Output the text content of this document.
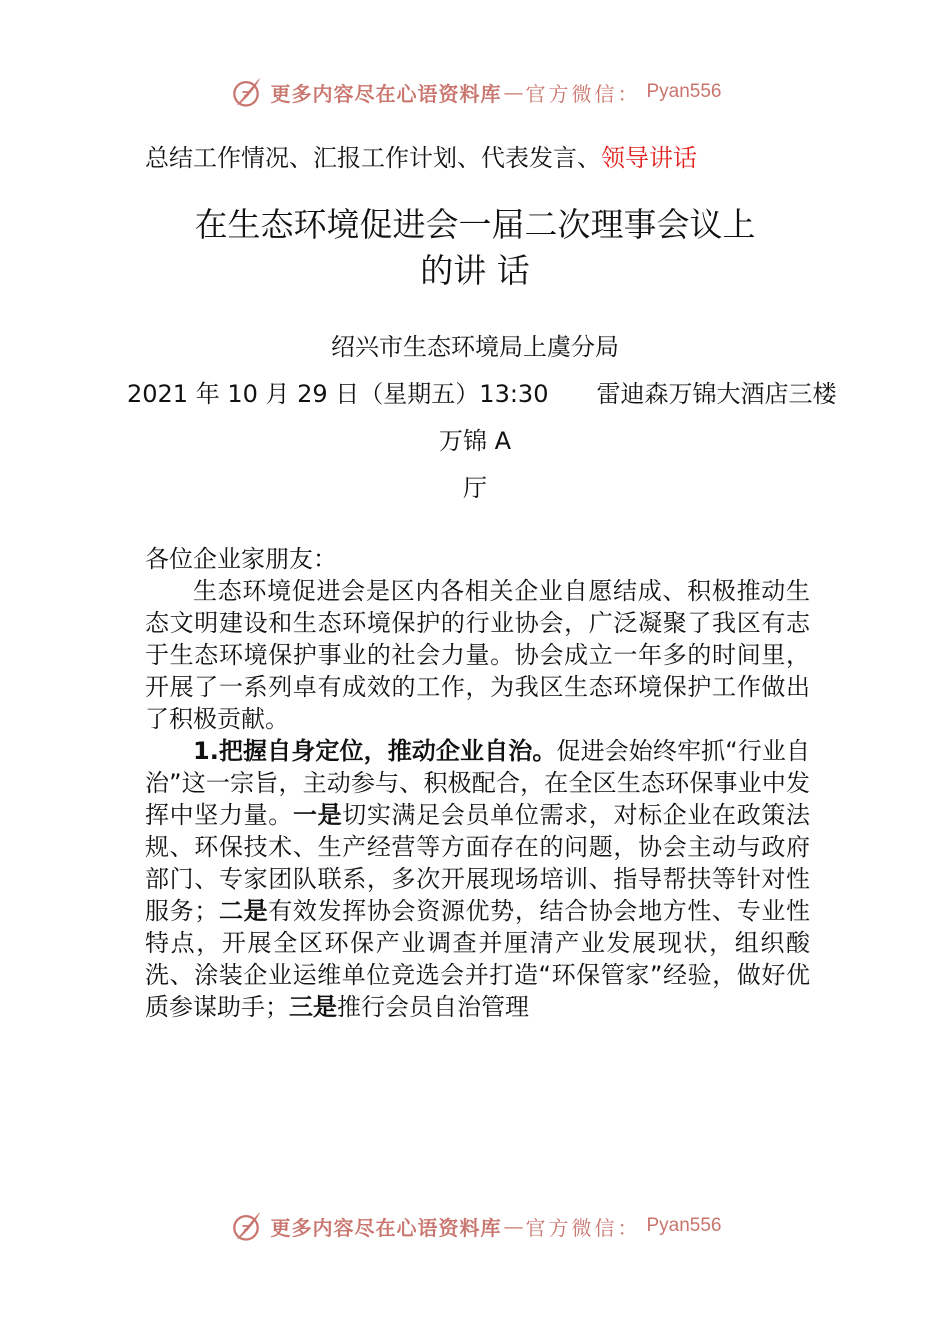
更多内容尽在心语资料库 — 官方微信： Pyan556
总结工作情况、汇报工作计划、代表发言、领导讲话
在生态环境促进会一届二次理事会议上
的讲 话
绍兴市生态环境局上虞分局
2021 年 10 月 29 日（星期五）13:30 雷迪森万锦大酒店三楼
万锦 A
厅

各位企业家朋友：

生态环境促进会是区内各相关企业自愿结成、积极推动生态文明建设和生态环境保护的行业协会，广泛凝聚了我区有志于生态环境保护事业的社会力量。协会成立一年多的时间里，开展了一系列卓有成效的工作，为我区生态环境保护工作做出了积极贡献。

1.把握自身定位，推动企业自治。促进会始终牢抓“行业自治”这一宗旨，主动参与、积极配合，在全区生态环保事业中发挥中坚力量。一是切实满足会员单位需求，对标企业在政策法规、环保技术、生产经营等方面存在的问题，协会主动与政府部门、专家团队联系，多次开展现场培训、指导帮扶等针对性服务；二是有效发挥协会资源优势，结合协会地方性、专业性特点，开展全区环保产业调查并厘清产业发展现状，组织酸洗、涂装企业运维单位竞选会并打造“环保管家”经验，做好优质参谋助手；三是推行会员自治管理

更多内容尽在心语资料库 — 官方微信： Pyan556
